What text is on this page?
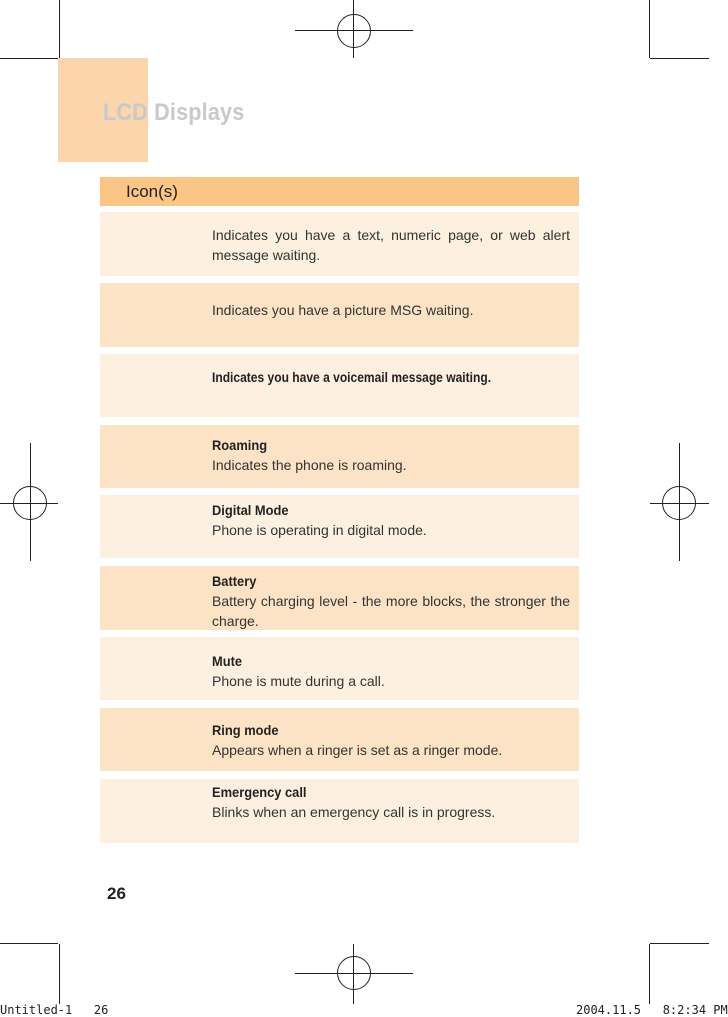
LCD Displays
Icon(s)
Indicates you have a text, numeric page, or web alert message waiting.
Indicates you have a picture MSG waiting.
Indicates you have a voicemail message waiting.
Roaming
Indicates the phone is roaming.
Digital Mode
Phone is operating in digital mode.
Battery
Battery charging level - the more blocks, the stronger the charge.
Mute
Phone is mute during a call.
Ring mode
Appears when a ringer is set as a ringer mode.
Emergency call
Blinks when an emergency call is in progress.
26
Untitled-1   26	2004.11.5   8:2:34 PM
